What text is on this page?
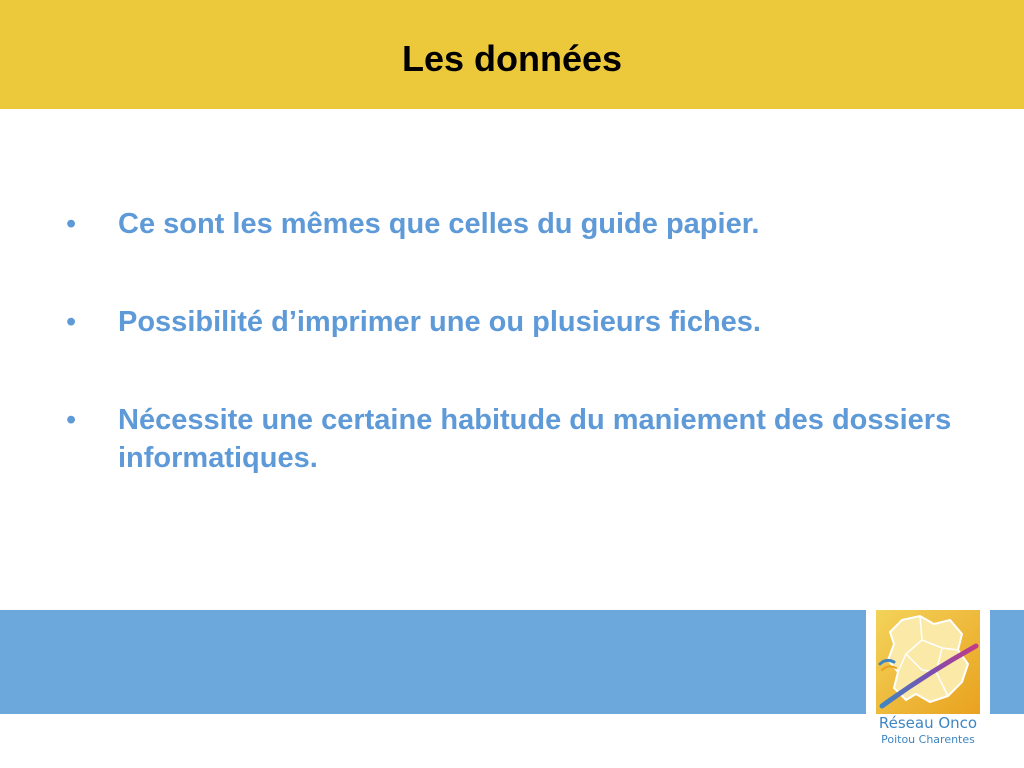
Les données
• Ce sont les mêmes que celles du guide papier.
• Possibilité d’imprimer une ou plusieurs fiches.
• Nécessite une certaine habitude du maniement des dossiers informatiques.
Réseau Onco
Poitou Charentes
